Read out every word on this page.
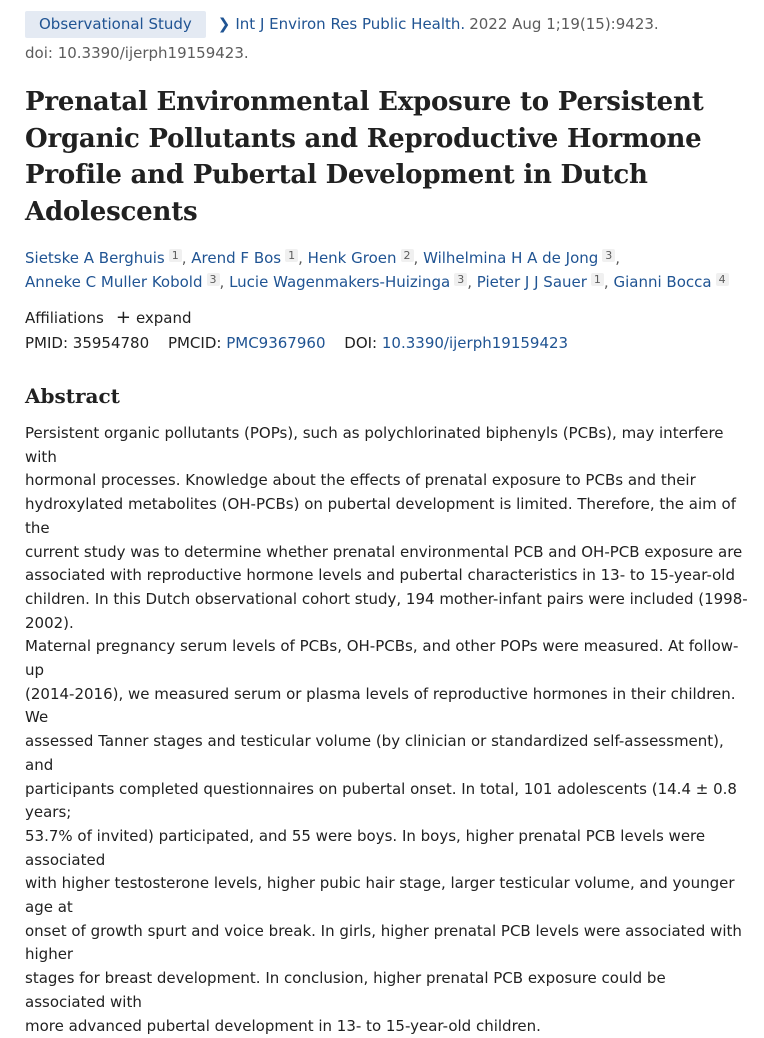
Observational Study	❯ Int J Environ Res Public Health. 2022 Aug 1;19(15):9423.
doi: 10.3390/ijerph19159423.
Prenatal Environmental Exposure to Persistent
Organic Pollutants and Reproductive Hormone
Profile and Pubertal Development in Dutch
Adolescents
Sietske A Berghuis 1 , Arend F Bos 1 , Henk Groen 2 , Wilhelmina H A de Jong 3 ,
Anneke C Muller Kobold 3 , Lucie Wagenmakers-Huizinga 3 , Pieter J J Sauer 1 , Gianni Bocca 4
Affiliations + expand
PMID: 35954780 PMCID: PMC9367960 DOI: 10.3390/ijerph19159423
Abstract
Persistent organic pollutants (POPs), such as polychlorinated biphenyls (PCBs), may interfere with
hormonal processes. Knowledge about the effects of prenatal exposure to PCBs and their
hydroxylated metabolites (OH-PCBs) on pubertal development is limited. Therefore, the aim of the
current study was to determine whether prenatal environmental PCB and OH-PCB exposure are
associated with reproductive hormone levels and pubertal characteristics in 13- to 15-year-old
children. In this Dutch observational cohort study, 194 mother-infant pairs were included (1998-2002).
Maternal pregnancy serum levels of PCBs, OH-PCBs, and other POPs were measured. At follow-up
(2014-2016), we measured serum or plasma levels of reproductive hormones in their children. We
assessed Tanner stages and testicular volume (by clinician or standardized self-assessment), and
participants completed questionnaires on pubertal onset. In total, 101 adolescents (14.4 ± 0.8 years;
53.7% of invited) participated, and 55 were boys. In boys, higher prenatal PCB levels were associated
with higher testosterone levels, higher pubic hair stage, larger testicular volume, and younger age at
onset of growth spurt and voice break. In girls, higher prenatal PCB levels were associated with higher
stages for breast development. In conclusion, higher prenatal PCB exposure could be associated with
more advanced pubertal development in 13- to 15-year-old children.
